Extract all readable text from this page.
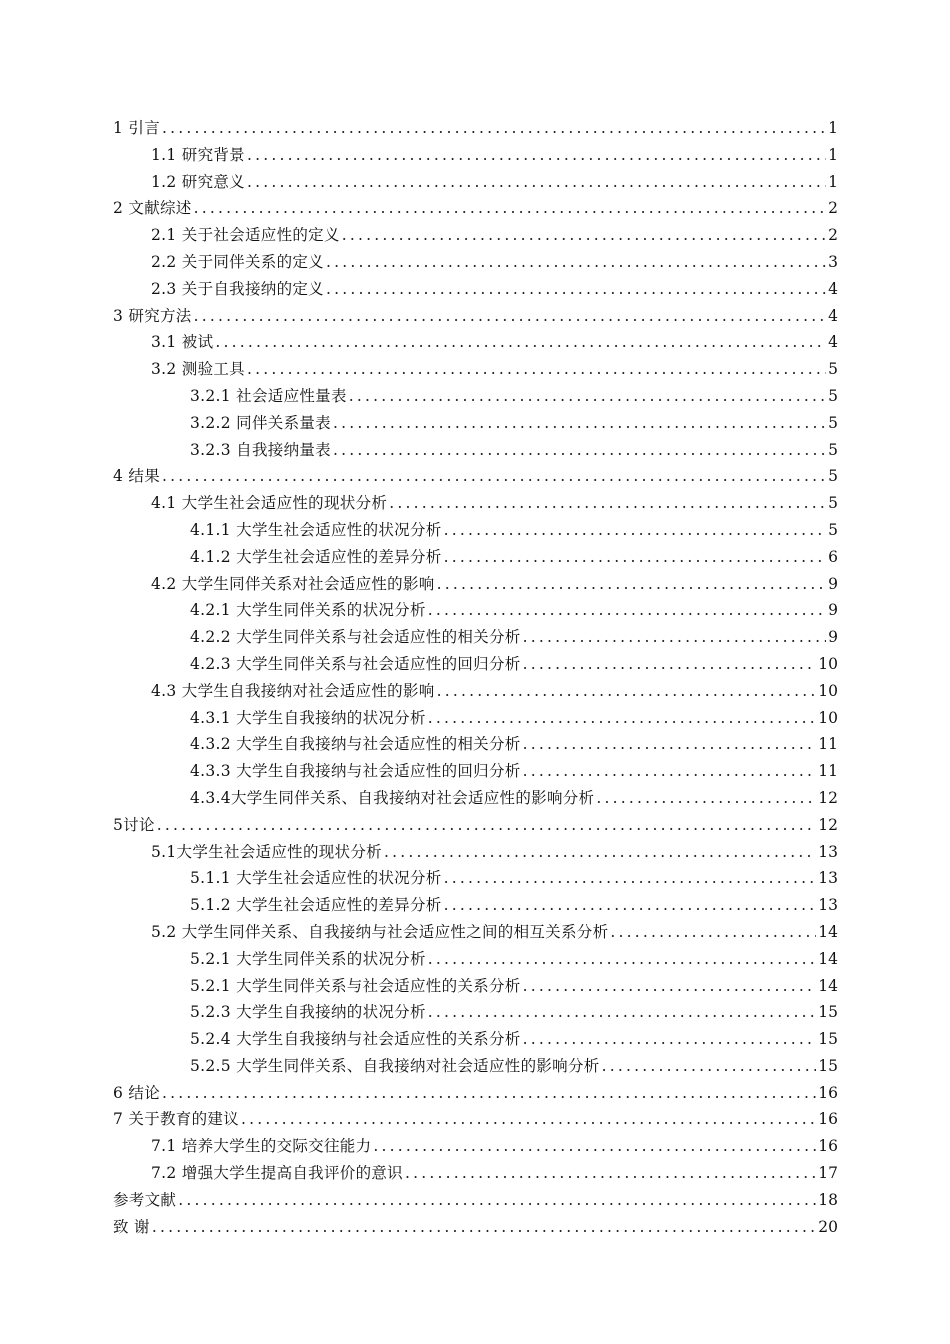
1 引言 .....	1
1.1 研究背景 .....	1
1.2 研究意义 .....	1
2 文献综述 .....	2
2.1 关于社会适应性的定义 .....	2
2.2 关于同伴关系的定义 .....	3
2.3 关于自我接纳的定义 .....	4
3 研究方法 .....	4
3.1 被试 .....	4
3.2 测验工具 .....	5
3.2.1 社会适应性量表 .....	5
3.2.2 同伴关系量表 .....	5
3.2.3 自我接纳量表 .....	5
4 结果 .....	5
4.1 大学生社会适应性的现状分析 .....	5
4.1.1 大学生社会适应性的状况分析 .....	5
4.1.2 大学生社会适应性的差异分析 .....	6
4.2 大学生同伴关系对社会适应性的影响 .....	9
4.2.1 大学生同伴关系的状况分析 .....	9
4.2.2 大学生同伴关系与社会适应性的相关分析 .....	9
4.2.3 大学生同伴关系与社会适应性的回归分析 .....	10
4.3 大学生自我接纳对社会适应性的影响 .....	10
4.3.1 大学生自我接纳的状况分析 .....	10
4.3.2 大学生自我接纳与社会适应性的相关分析 .....	11
4.3.3 大学生自我接纳与社会适应性的回归分析 .....	11
4.3.4大学生同伴关系、自我接纳对社会适应性的影响分析 .....	12
5讨论 .....	12
5.1大学生社会适应性的现状分析 .....	13
5.1.1 大学生社会适应性的状况分析 .....	13
5.1.2 大学生社会适应性的差异分析 .....	13
5.2 大学生同伴关系、自我接纳与社会适应性之间的相互关系分析 .....	14
5.2.1 大学生同伴关系的状况分析 .....	14
5.2.1 大学生同伴关系与社会适应性的关系分析 .....	14
5.2.3 大学生自我接纳的状况分析 .....	15
5.2.4 大学生自我接纳与社会适应性的关系分析 .....	15
5.2.5 大学生同伴关系、自我接纳对社会适应性的影响分析 .....	15
6 结论 .....	16
7 关于教育的建议 .....	16
7.1 培养大学生的交际交往能力 .....	16
7.2 增强大学生提高自我评价的意识 .....	17
参考文献 .....	18
致 谢 .....	20
